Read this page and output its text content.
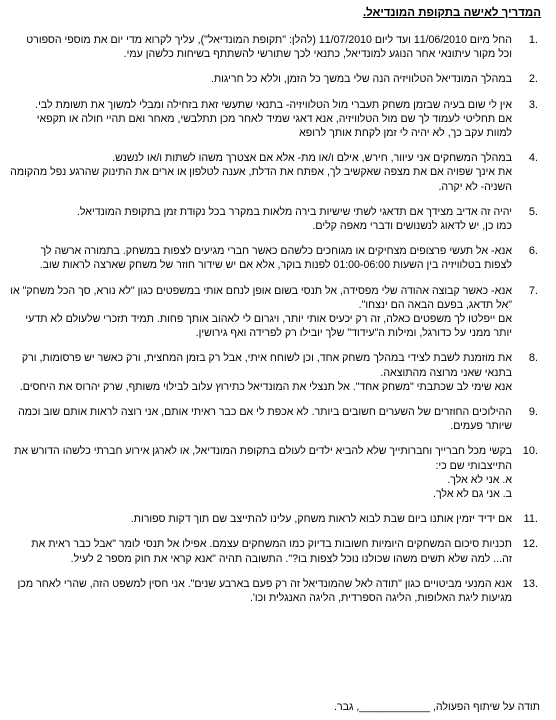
המדריך לאישה בתקופת המונדיאל.
1.

החל מיום 11/06/2010 ועד ליום 11/07/2010 (להלן: "תקופת המונדיאל"), עליך לקרוא מדי יום את מוספי הספורט וכל מקור עיתונאי אחר הנוגע למונדיאל, כתנאי לכך שתורשי להשתתף בשיחות כלשהן עמי.

2.

במהלך המונדיאל הטלוויזיה הנה שלי במשך כל הזמן, וללא כל חריגות.

3.

אין לי שום בעיה שבזמן משחק תעברי מול הטלוויזיה- בתנאי שתעשי זאת בזחילה ומבלי למשוך את תשומת לבי.

אם תחליטי לעמוד לך שם מול הטלוויזיה, אנא דאגי שמיד לאחר מכן תתלבשי, מאחר ואם תהיי חולה או תקפאי למוות עקב כך, לא יהיה לי זמן לקחת אותך לרופא

4.

במהלך המשחקים אני עיוור, חירש, אילם ו/או מת- אלא אם אצטרך משהו לשתות ו/או לנשנש.

את אינך שפויה אם את מצפה שאקשיב לך, אפתח את הדלת, אענה לטלפון או ארים את התינוק שהרגע נפל מהקומה השניה- לא יקרה.

5.

יהיה זה אדיב מצידך אם תדאגי לשתי שישיות בירה מלאות במקרר בכל נקודת זמן בתקופת המונדיאל.

כמו כן, יש לדאוג לנשנושים ודברי מאפה קלים.

6.

אנא- אל תעשי פרצופים מצחיקים או מגוחכים כלשהם כאשר חברי מגיעים לצפות במשחק. בתמורה ארשה לך לצפות בטלוויזיה בין השעות 01:00-06:00 לפנות בוקר, אלא אם יש שידור חוזר של משחק שארצה לראות שוב.

7.

אנא- כאשר קבוצה אהודה שלי מפסידה, אל תנסי בשום אופן לנחם אותי במשפטים כגון "לא נורא, סך הכל משחק" או "אל תדאג, בפעם הבאה הם ינצחו".

אם ייפלטו לך משפטים כאלה, זה רק יכעיס אותי יותר, ויגרום לי לאהוב אותך פחות. תמיד תזכרי שלעולם לא תדעי יותר ממני על כדורגל, ומילות ה"עידוד" שלך יובילו רק לפרידה ואף גירושין.

8.

את מוזמנת לשבת לצידי במהלך משחק אחד, וכן לשוחח איתי, אבל רק בזמן המחצית, ורק כאשר יש פרסומות, ורק בתנאי שאני מרוצה מהתוצאה.

אנא שימי לב שכתבתי "משחק אחד". אל תנצלי את המונדיאל כתירוץ עלוב לבילוי משותף, שרק יהרוס את היחסים.

9.

ההילוכים החוזרים של השערים חשובים ביותר. לא אכפת לי אם כבר ראיתי אותם, אני רוצה לראות אותם שוב וכמה שיותר פעמים.

10.

בקשי מכל חברייך וחברותייך שלא להביא ילדים לעולם בתקופת המונדיאל, או לארגן אירוע חברתי כלשהו הדורש את התייצבותי שם כי:

א. אני לא אלך.

ב. אני גם לא אלך.

11.

אם ידיד יזמין אותנו ביום שבת לבוא לראות משחק, עלינו להתייצב שם תוך דקות ספורות.

12.

תכניות סיכום המשחקים היומיות חשובות בדיוק כמו המשחקים עצמם. אפילו אל תנסי לומר "אבל כבר ראית את זה... למה שלא תשים משהו שכולנו נוכל לצפות בו?". התשובה תהיה "אנא קראי את חוק מספר 2 לעיל.

13.

אנא המנעי מביטויים כגון "תודה לאל שהמונדיאל זה רק פעם בארבע שנים". אני חסין למשפט הזה, שהרי לאחר מכן מגיעות ליגת האלופות, הליגה הספרדית, הליגה האנגלית וכו'.

תודה על שיתוף הפעולה, ____________, גבר.
